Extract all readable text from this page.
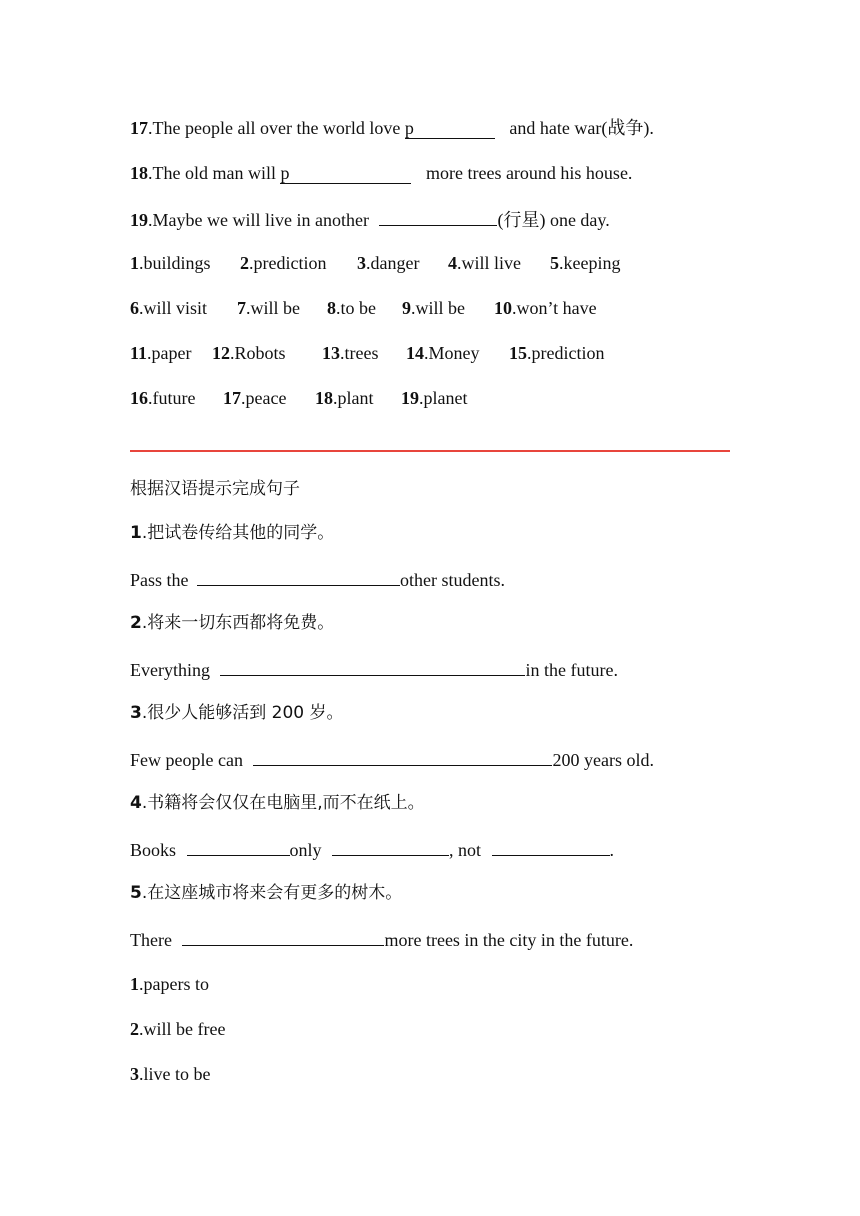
17.The people all over the world love p	and hate war(战争).
18.The old man will p	more trees around his house.
19.Maybe we will live in another	(行星) one day.
1.buildings 2.prediction 3.danger 4.will live 5.keeping
6.will visit 7.will be 8.to be 9.will be 10.won’t have
11.paper 12.Robots 13.trees 14.Money 15.prediction
16.future 17.peace 18.plant 19.planet
根据汉语提示完成句子
1.把试卷传给其他的同学。
Pass the	other students.
2.将来一切东西都将免费。
Everything	in the future.
3.很少人能够活到 200 岁。
Few people can	200 years old.
4.书籍将会仅仅在电脑里,而不在纸上。
Books	only	, not	.
5.在这座城市将来会有更多的树木。
There	more trees in the city in the future.
1.papers to
2.will be free
3.live to be
